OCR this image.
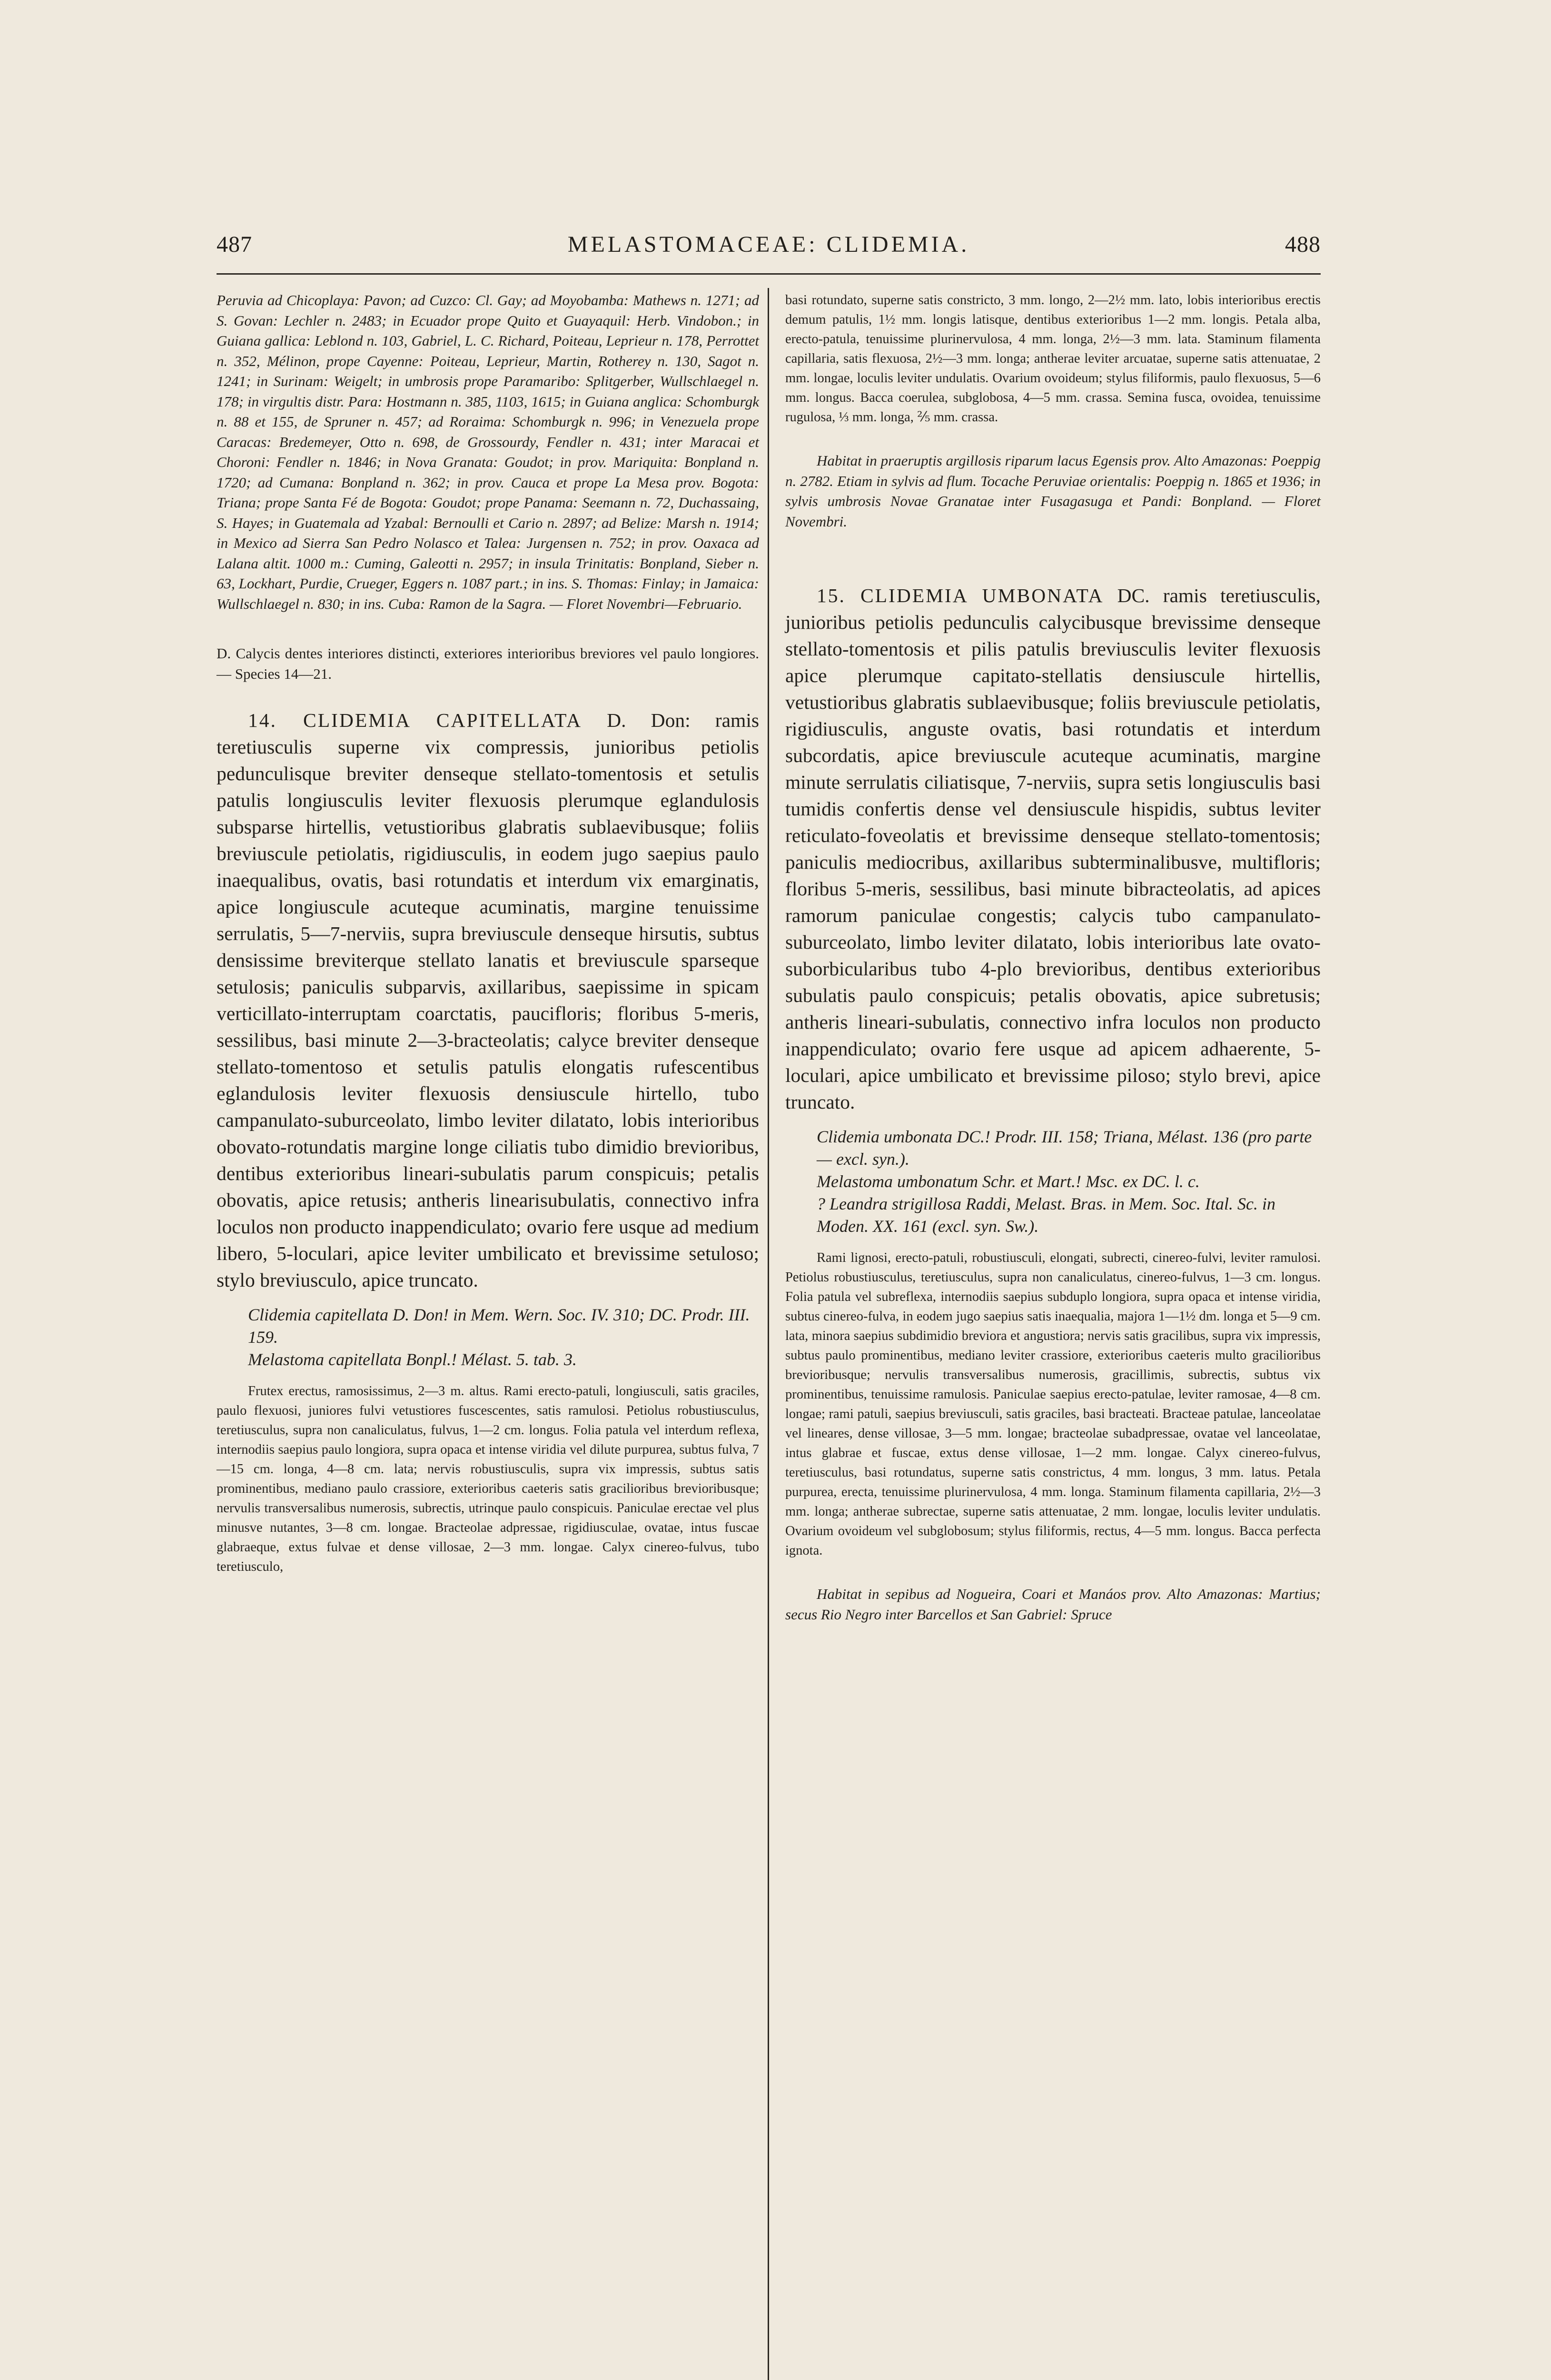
487	MELASTOMACEAE: CLIDEMIA.	488

Peruvia ad Chicoplaya: Pavon; ad Cuzco: Cl. Gay; ad Moyobamba: Mathews n. 1271; ad S. Govan: Lechler n. 2483; in Ecuador prope Quito et Guayaquil: Herb. Vindobon.; in Guiana gallica: Leblond n. 103, Gabriel, L. C. Richard, Poiteau, Leprieur n. 178, Perrottet n. 352, Mélinon, prope Cayenne: Poiteau, Leprieur, Martin, Rotherey n. 130, Sagot n. 1241; in Surinam: Weigelt; in umbrosis prope Paramaribo: Splitgerber, Wullschlaegel n. 178; in virgultis distr. Para: Hostmann n. 385, 1103, 1615; in Guiana anglica: Schomburgk n. 88 et 155, de Spruner n. 457; ad Roraima: Schomburgk n. 996; in Venezuela prope Caracas: Bredemeyer, Otto n. 698, de Grossourdy, Fendler n. 431; inter Maracai et Choroni: Fendler n. 1846; in Nova Granata: Goudot; in prov. Mariquita: Bonpland n. 1720; ad Cumana: Bonpland n. 362; in prov. Cauca et prope La Mesa prov. Bogota: Triana; prope Santa Fé de Bogota: Goudot; prope Panama: Seemann n. 72, Duchassaing, S. Hayes; in Guatemala ad Yzabal: Bernoulli et Cario n. 2897; ad Belize: Marsh n. 1914; in Mexico ad Sierra San Pedro Nolasco et Talea: Jurgensen n. 752; in prov. Oaxaca ad Lalana altit. 1000 m.: Cuming, Galeotti n. 2957; in insula Trinitatis: Bonpland, Sieber n. 63, Lockhart, Purdie, Crueger, Eggers n. 1087 part.; in ins. S. Thomas: Finlay; in Jamaica: Wullschlaegel n. 830; in ins. Cuba: Ramon de la Sagra. — Floret Novembri—Februario.

D. Calycis dentes interiores distincti, exteriores interioribus breviores vel paulo longiores. — Species 14—21.

14. CLIDEMIA CAPITELLATA D. Don: ramis teretiusculis superne vix compressis, junioribus petiolis pedunculisque breviter denseque stellato-tomentosis et setulis patulis longiusculis leviter flexuosis plerumque eglandulosis subsparse hirtellis, vetustioribus glabratis sublaevibusque; foliis breviuscule petiolatis, rigidiusculis, in eodem jugo saepius paulo inaequalibus, ovatis, basi rotundatis et interdum vix emarginatis, apice longiuscule acuteque acuminatis, margine tenuissime serrulatis, 5—7-nerviis, supra breviuscule denseque hirsutis, subtus densissime breviterque stellato lanatis et breviuscule sparseque setulosis; paniculis subparvis, axillaribus, saepissime in spicam verticillato-interruptam coarctatis, paucifloris; floribus 5-meris, sessilibus, basi minute 2—3-bracteolatis; calyce breviter denseque stellato-tomentoso et setulis patulis elongatis rufescentibus eglandulosis leviter flexuosis densiuscule hirtello, tubo campanulato-suburceolato, limbo leviter dilatato, lobis interioribus obovato-rotundatis margine longe ciliatis tubo dimidio brevioribus, dentibus exterioribus lineari-subulatis parum conspicuis; petalis obovatis, apice retusis; antheris linearisubulatis, connectivo infra loculos non producto inappendiculato; ovario fere usque ad medium libero, 5-loculari, apice leviter umbilicato et brevissime setuloso; stylo breviusculo, apice truncato.

Clidemia capitellata D. Don! in Mem. Wern. Soc. IV. 310; DC. Prodr. III. 159.
Melastoma capitellata Bonpl.! Mélast. 5. tab. 3.

Frutex erectus, ramosissimus, 2—3 m. altus. Rami erecto-patuli, longiusculi, satis graciles, paulo flexuosi, juniores fulvi vetustiores fuscescentes, satis ramulosi. Petiolus robustiusculus, teretiusculus, supra non canaliculatus, fulvus, 1—2 cm. longus. Folia patula vel interdum reflexa, internodiis saepius paulo longiora, supra opaca et intense viridia vel dilute purpurea, subtus fulva, 7—15 cm. longa, 4—8 cm. lata; nervis robustiusculis, supra vix impressis, subtus satis prominentibus, mediano paulo crassiore, exterioribus caeteris satis gracilioribus brevioribusque; nervulis transversalibus numerosis, subrectis, utrinque paulo conspicuis. Paniculae erectae vel plus minusve nutantes, 3—8 cm. longae. Bracteolae adpressae, rigidiusculae, ovatae, intus fuscae glabraeque, extus fulvae et dense villosae, 2—3 mm. longae. Calyx cinereo-fulvus, tubo teretiusculo,

basi rotundato, superne satis constricto, 3 mm. longo, 2—2½ mm. lato, lobis interioribus erectis demum patulis, 1½ mm. longis latisque, dentibus exterioribus 1—2 mm. longis. Petala alba, erecto-patula, tenuissime plurinervulosa, 4 mm. longa, 2½—3 mm. lata. Staminum filamenta capillaria, satis flexuosa, 2½—3 mm. longa; antherae leviter arcuatae, superne satis attenuatae, 2 mm. longae, loculis leviter undulatis. Ovarium ovoideum; stylus filiformis, paulo flexuosus, 5—6 mm. longus. Bacca coerulea, subglobosa, 4—5 mm. crassa. Semina fusca, ovoidea, tenuissime rugulosa, ⅓ mm. longa, ⅖ mm. crassa.

Habitat in praeruptis argillosis riparum lacus Egensis prov. Alto Amazonas: Poeppig n. 2782. Etiam in sylvis ad flum. Tocache Peruviae orientalis: Poeppig n. 1865 et 1936; in sylvis umbrosis Novae Granatae inter Fusagasuga et Pandi: Bonpland. — Floret Novembri.

15. CLIDEMIA UMBONATA DC. ramis teretiusculis, junioribus petiolis pedunculis calycibusque brevissime denseque stellato-tomentosis et pilis patulis breviusculis leviter flexuosis apice plerumque capitato-stellatis densiuscule hirtellis, vetustioribus glabratis sublaevibusque; foliis breviuscule petiolatis, rigidiusculis, anguste ovatis, basi rotundatis et interdum subcordatis, apice breviuscule acuteque acuminatis, margine minute serrulatis ciliatisque, 7-nerviis, supra setis longiusculis basi tumidis confertis dense vel densiuscule hispidis, subtus leviter reticulato-foveolatis et brevissime denseque stellato-tomentosis; paniculis mediocribus, axillaribus subterminalibusve, multifloris; floribus 5-meris, sessilibus, basi minute bibracteolatis, ad apices ramorum paniculae congestis; calycis tubo campanulato-suburceolato, limbo leviter dilatato, lobis interioribus late ovato-suborbicularibus tubo 4-plo brevioribus, dentibus exterioribus subulatis paulo conspicuis; petalis obovatis, apice subretusis; antheris lineari-subulatis, connectivo infra loculos non producto inappendiculato; ovario fere usque ad apicem adhaerente, 5-loculari, apice umbilicato et brevissime piloso; stylo brevi, apice truncato.

Clidemia umbonata DC.! Prodr. III. 158; Triana, Mélast. 136 (pro parte — excl. syn.).
Melastoma umbonatum Schr. et Mart.! Msc. ex DC. l. c.
? Leandra strigillosa Raddi, Melast. Bras. in Mem. Soc. Ital. Sc. in Moden. XX. 161 (excl. syn. Sw.).

Rami lignosi, erecto-patuli, robustiusculi, elongati, subrecti, cinereo-fulvi, leviter ramulosi. Petiolus robustiusculus, teretiusculus, supra non canaliculatus, cinereo-fulvus, 1—3 cm. longus. Folia patula vel subreflexa, internodiis saepius subduplo longiora, supra opaca et intense viridia, subtus cinereo-fulva, in eodem jugo saepius satis inaequalia, majora 1—1½ dm. longa et 5—9 cm. lata, minora saepius subdimidio breviora et angustiora; nervis satis gracilibus, supra vix impressis, subtus paulo prominentibus, mediano leviter crassiore, exterioribus caeteris multo gracilioribus brevioribusque; nervulis transversalibus numerosis, gracillimis, subrectis, subtus vix prominentibus, tenuissime ramulosis. Paniculae saepius erecto-patulae, leviter ramosae, 4—8 cm. longae; rami patuli, saepius breviusculi, satis graciles, basi bracteati. Bracteae patulae, lanceolatae vel lineares, dense villosae, 3—5 mm. longae; bracteolae subadpressae, ovatae vel lanceolatae, intus glabrae et fuscae, extus dense villosae, 1—2 mm. longae. Calyx cinereo-fulvus, teretiusculus, basi rotundatus, superne satis constrictus, 4 mm. longus, 3 mm. latus. Petala purpurea, erecta, tenuissime plurinervulosa, 4 mm. longa. Staminum filamenta capillaria, 2½—3 mm. longa; antherae subrectae, superne satis attenuatae, 2 mm. longae, loculis leviter undulatis. Ovarium ovoideum vel subglobosum; stylus filiformis, rectus, 4—5 mm. longus. Bacca perfecta ignota.

Habitat in sepibus ad Nogueira, Coari et Manáos prov. Alto Amazonas: Martius; secus Rio Negro inter Barcellos et San Gabriel: Spruce
